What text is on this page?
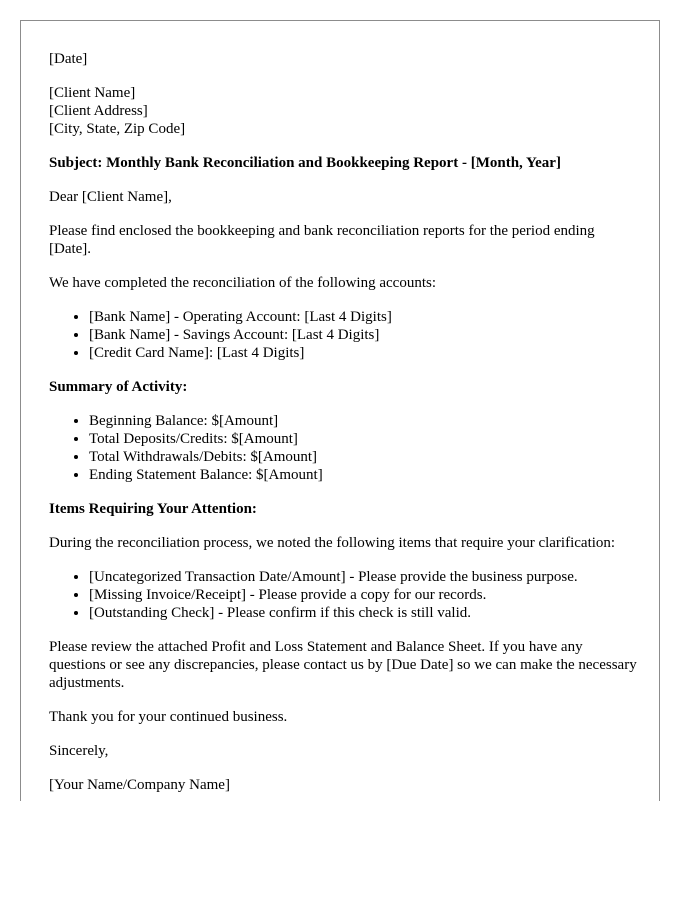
[Date]

[Client Name]
[Client Address]
[City, State, Zip Code]

Subject: Monthly Bank Reconciliation and Bookkeeping Report - [Month, Year]

Dear [Client Name],

Please find enclosed the bookkeeping and bank reconciliation reports for the period ending [Date].

We have completed the reconciliation of the following accounts:

• [Bank Name] - Operating Account: [Last 4 Digits]
• [Bank Name] - Savings Account: [Last 4 Digits]
• [Credit Card Name]: [Last 4 Digits]

Summary of Activity:

• Beginning Balance: $[Amount]
• Total Deposits/Credits: $[Amount]
• Total Withdrawals/Debits: $[Amount]
• Ending Statement Balance: $[Amount]

Items Requiring Your Attention:

During the reconciliation process, we noted the following items that require your clarification:

• [Uncategorized Transaction Date/Amount] - Please provide the business purpose.
• [Missing Invoice/Receipt] - Please provide a copy for our records.
• [Outstanding Check] - Please confirm if this check is still valid.

Please review the attached Profit and Loss Statement and Balance Sheet. If you have any questions or see any discrepancies, please contact us by [Due Date] so we can make the necessary adjustments.

Thank you for your continued business.

Sincerely,

[Your Name/Company Name]
